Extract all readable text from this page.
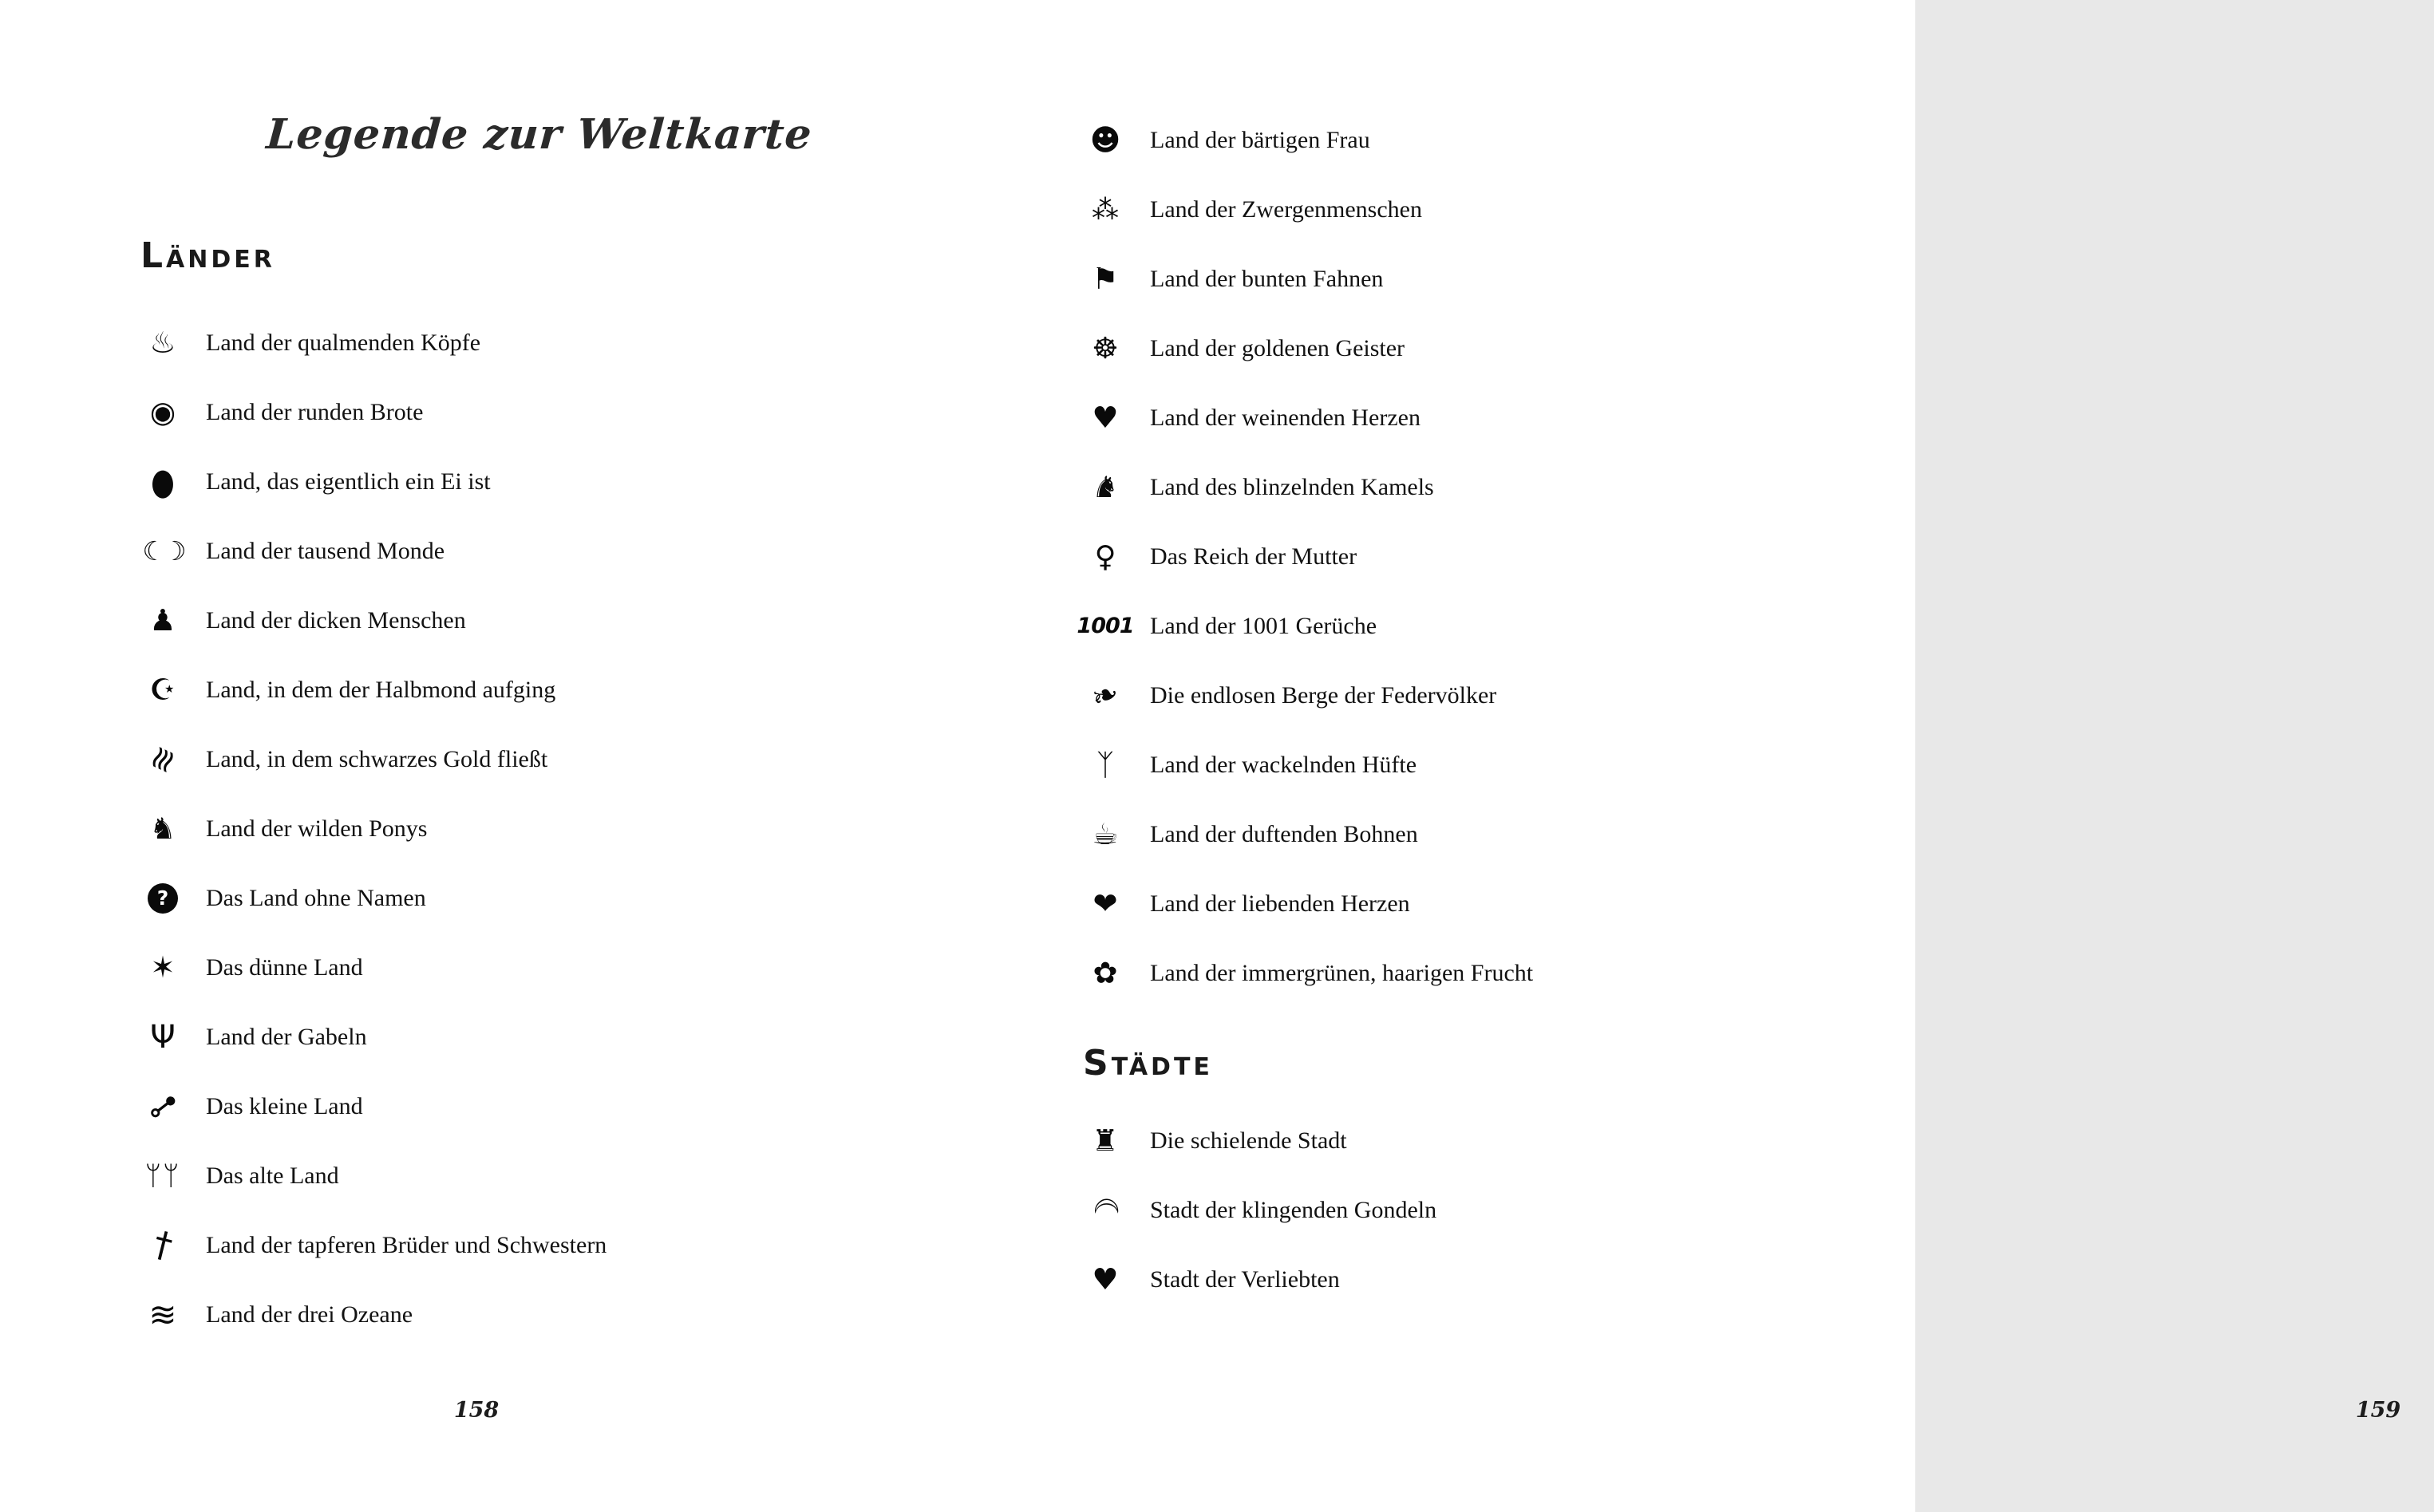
Legende zur Weltkarte
LÄNDER
♨	Land der qualmenden Köpfe
◉	Land der runden Brote
●	Land, das eigentlich ein Ei ist
☾☽ Land der tausend Monde
♟	Land der dicken Menschen
☪	Land, in dem der Halbmond aufging
≋ Land, in dem schwarzes Gold fließt
♞	Land der wilden Ponys
?	Das Land ohne Namen
✶	Das dünne Land
Ψ	Land der Gabeln
⊶ Das kleine Land
ᛘᛘ Das alte Land
†	Land der tapferen Brüder und Schwestern
≋	Land der drei Ozeane
158
☻ Land der bärtigen Frau
⁂	Land der Zwergenmenschen
⚑	Land der bunten Fahnen
☸	Land der goldenen Geister
♥	Land der weinenden Herzen
♞	Land des blinzelnden Kamels
♀	Das Reich der Mutter
1001 Land der 1001 Gerüche
❧	Die endlosen Berge der Federvölker
ᛉ	Land der wackelnden Hüfte
☕	Land der duftenden Bohnen
❤	Land der liebenden Herzen
✿	Land der immergrünen, haarigen Frucht
STÄDTE
♜	Die schielende Stadt
☾ Stadt der klingenden Gondeln
♥	Stadt der Verliebten
159
